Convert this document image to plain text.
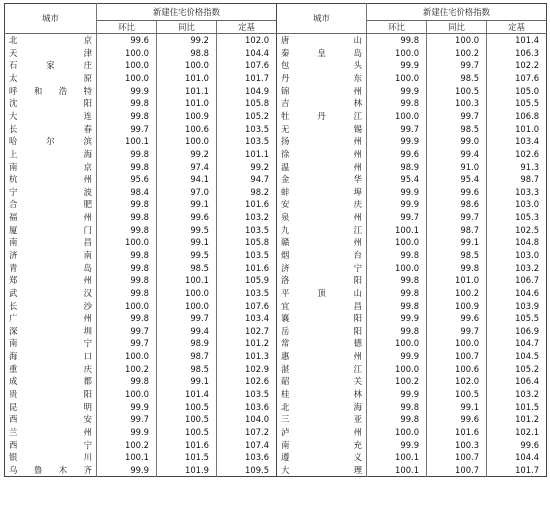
城市	新建住宅价格指数			城市	新建住宅价格指数		
	环比	同比	定基		环比	同比	定基
北京	99.6	99.2	102.0	唐山	99.8	100.0	101.4
天津	100.0	98.8	104.4	秦皇岛	100.0	100.2	106.3
石家庄	100.0	100.0	107.6	包头	99.9	99.7	102.2
太原	100.0	101.0	101.7	丹东	100.0	98.5	107.6
呼和浩特	99.9	101.1	104.9	锦州	99.9	100.5	105.0
沈阳	99.8	101.0	105.8	吉林	99.8	100.3	105.5
大连	99.8	100.9	105.2	牡丹江	100.0	99.7	106.8
长春	99.7	100.6	103.5	无锡	99.7	98.5	101.0
哈尔滨	100.1	100.0	103.5	扬州	99.9	99.0	103.4
上海	99.8	99.2	101.1	徐州	99.6	99.4	102.6
南京	99.8	97.4	99.2	温州	98.9	91.0	91.3
杭州	95.6	94.1	94.7	金华	95.4	95.4	98.7
宁波	98.4	97.0	98.2	蚌埠	99.9	99.6	103.3
合肥	99.8	99.1	101.6	安庆	99.9	98.6	103.0
福州	99.8	99.6	103.2	泉州	99.7	99.7	105.3
厦门	99.8	99.5	103.5	九江	100.1	98.7	102.5
南昌	100.0	99.1	105.8	赣州	100.0	99.1	104.8
济南	99.8	99.5	103.5	烟台	99.8	98.5	103.0
青岛	99.8	98.5	101.6	济宁	100.0	99.8	103.2
郑州	99.8	100.1	105.9	洛阳	99.8	101.0	106.7
武汉	99.8	100.0	103.5	平顶山	99.8	100.2	104.6
长沙	100.0	100.0	107.6	宜昌	99.8	100.9	103.9
广州	99.8	99.7	103.4	襄阳	99.9	99.6	105.5
深圳	99.7	99.4	102.7	岳阳	99.8	99.7	106.9
南宁	99.7	98.9	101.2	常德	100.0	100.0	104.7
海口	100.0	98.7	101.3	惠州	99.9	100.7	104.5
重庆	100.2	98.5	102.9	湛江	100.0	100.6	105.2
成都	99.8	99.1	102.6	韶关	100.2	102.0	106.4
贵阳	100.0	101.4	103.5	桂林	99.9	100.5	103.2
昆明	99.9	100.5	103.6	北海	99.8	99.1	101.5
西安	99.7	100.5	104.0	三亚	99.8	99.6	101.2
兰州	99.9	100.5	107.2	泸州	100.0	101.6	102.1
西宁	100.2	101.6	107.4	南充	99.9	100.3	99.6
银川	100.1	101.5	103.6	遵义	100.1	100.7	104.4
乌鲁木齐	99.9	101.9	109.5	大理	100.1	100.7	101.7
